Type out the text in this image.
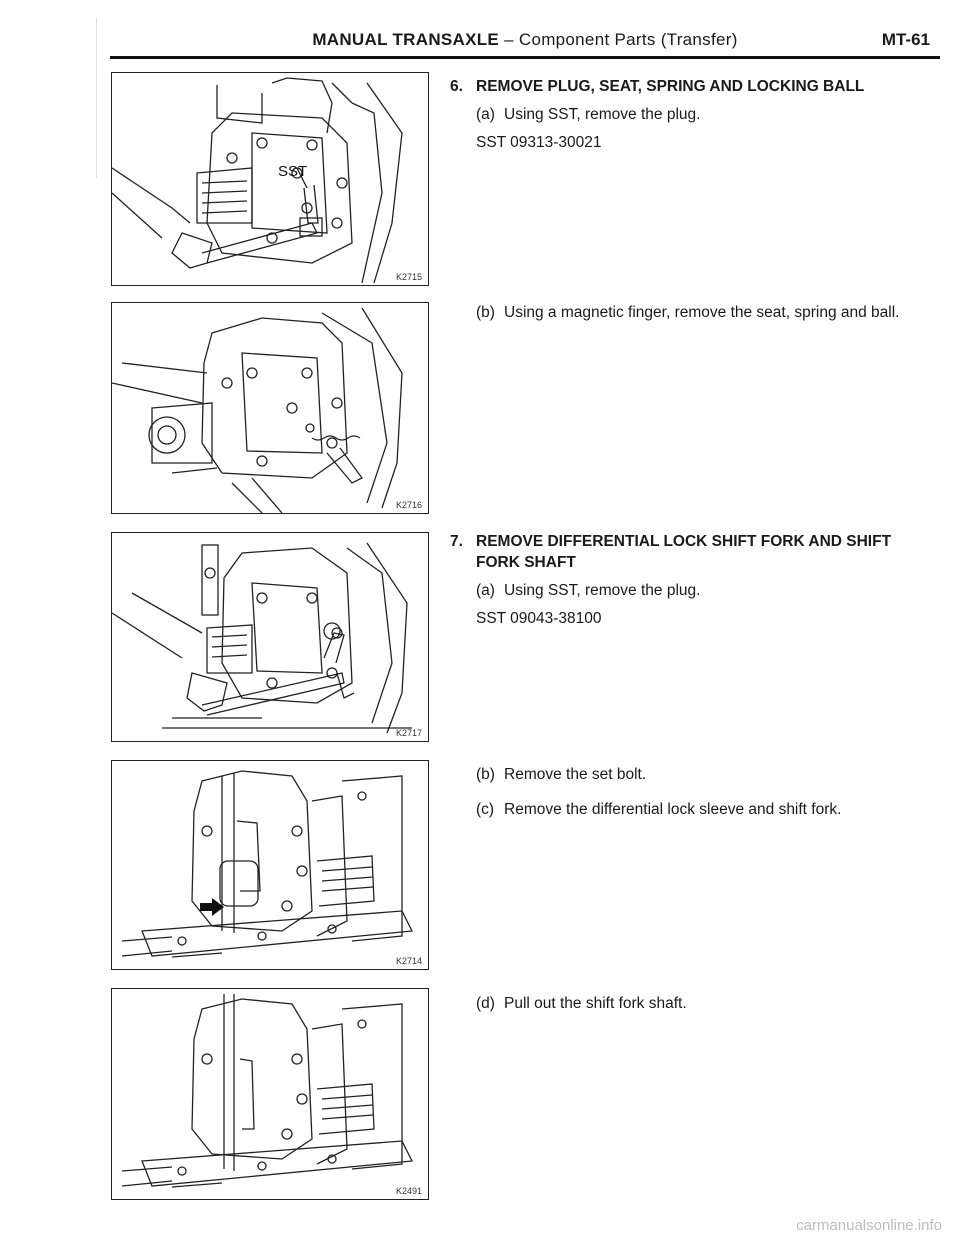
MANUAL TRANSAXLE – Component Parts (Transfer)	MT-61
SST
K2715
K2716
K2717
K2714
K2491
6. REMOVE PLUG, SEAT, SPRING AND LOCKING BALL
(a) Using SST, remove the plug.
SST 09313-30021
(b) Using a magnetic finger, remove the seat, spring and ball.
7. REMOVE DIFFERENTIAL LOCK SHIFT FORK AND SHIFT FORK SHAFT
(a) Using SST, remove the plug.
SST 09043-38100
(b) Remove the set bolt.
(c) Remove the differential lock sleeve and shift fork.
(d) Pull out the shift fork shaft.
carmanualsonline.info
